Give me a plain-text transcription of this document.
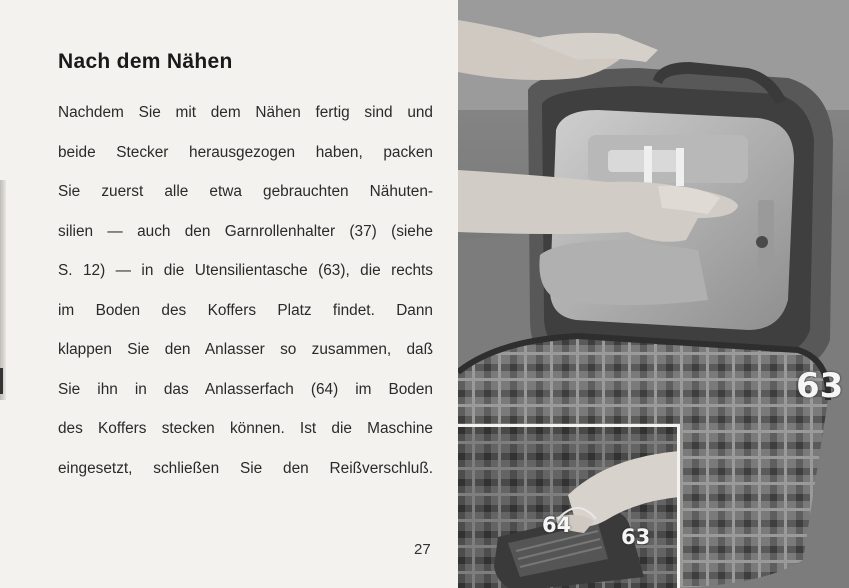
Nach dem Nähen
Nachdem Sie mit dem Nähen fertig sind und
beide Stecker herausgezogen haben, packen
Sie zuerst alle etwa gebrauchten Nähuten-
silien — auch den Garnrollenhalter (37) (siehe
S. 12) — in die Utensilientasche (63), die rechts
im Boden des Koffers Platz findet. Dann
klappen Sie den Anlasser so zusammen, daß
Sie ihn in das Anlasserfach (64) im Boden
des Koffers stecken können. Ist die Maschine
eingesetzt, schließen Sie den Reißverschluß.
27
63
64 63
